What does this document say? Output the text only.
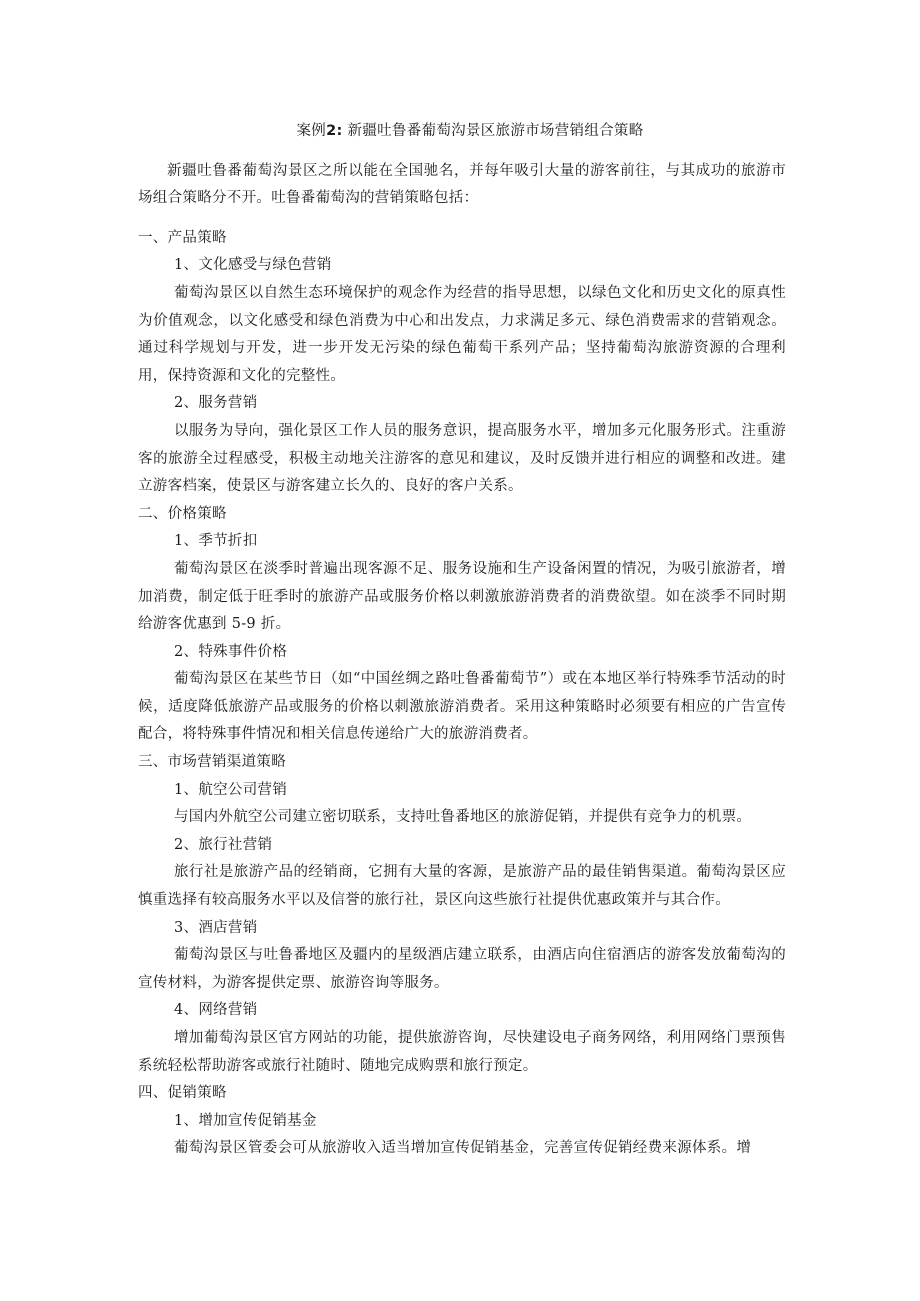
案例2: 新疆吐鲁番葡萄沟景区旅游市场营销组合策略

新疆吐鲁番葡萄沟景区之所以能在全国驰名，并每年吸引大量的游客前往，与其成功的旅游市场组合策略分不开。吐鲁番葡萄沟的营销策略包括：

一、产品策略

1、文化感受与绿色营销

葡萄沟景区以自然生态环境保护的观念作为经营的指导思想，以绿色文化和历史文化的原真性为价值观念，以文化感受和绿色消费为中心和出发点，力求满足多元、绿色消费需求的营销观念。通过科学规划与开发，进一步开发无污染的绿色葡萄干系列产品；坚持葡萄沟旅游资源的合理利用，保持资源和文化的完整性。

2、服务营销

以服务为导向，强化景区工作人员的服务意识，提高服务水平，增加多元化服务形式。注重游客的旅游全过程感受，积极主动地关注游客的意见和建议，及时反馈并进行相应的调整和改进。建立游客档案，使景区与游客建立长久的、良好的客户关系。

二、价格策略

1、季节折扣

葡萄沟景区在淡季时普遍出现客源不足、服务设施和生产设备闲置的情况，为吸引旅游者，增加消费，制定低于旺季时的旅游产品或服务价格以刺激旅游消费者的消费欲望。如在淡季不同时期给游客优惠到 5-9 折。

2、特殊事件价格

葡萄沟景区在某些节日（如“中国丝绸之路吐鲁番葡萄节”）或在本地区举行特殊季节活动的时候，适度降低旅游产品或服务的价格以刺激旅游消费者。采用这种策略时必须要有相应的广告宣传配合，将特殊事件情况和相关信息传递给广大的旅游消费者。

三、市场营销渠道策略

1、航空公司营销

与国内外航空公司建立密切联系，支持吐鲁番地区的旅游促销，并提供有竞争力的机票。

2、旅行社营销

旅行社是旅游产品的经销商，它拥有大量的客源，是旅游产品的最佳销售渠道。葡萄沟景区应慎重选择有较高服务水平以及信誉的旅行社，景区向这些旅行社提供优惠政策并与其合作。

3、酒店营销

葡萄沟景区与吐鲁番地区及疆内的星级酒店建立联系，由酒店向住宿酒店的游客发放葡萄沟的宣传材料，为游客提供定票、旅游咨询等服务。

4、网络营销

增加葡萄沟景区官方网站的功能，提供旅游咨询，尽快建设电子商务网络，利用网络门票预售系统轻松帮助游客或旅行社随时、随地完成购票和旅行预定。

四、促销策略

1、增加宣传促销基金

葡萄沟景区管委会可从旅游收入适当增加宣传促销基金，完善宣传促销经费来源体系。增
